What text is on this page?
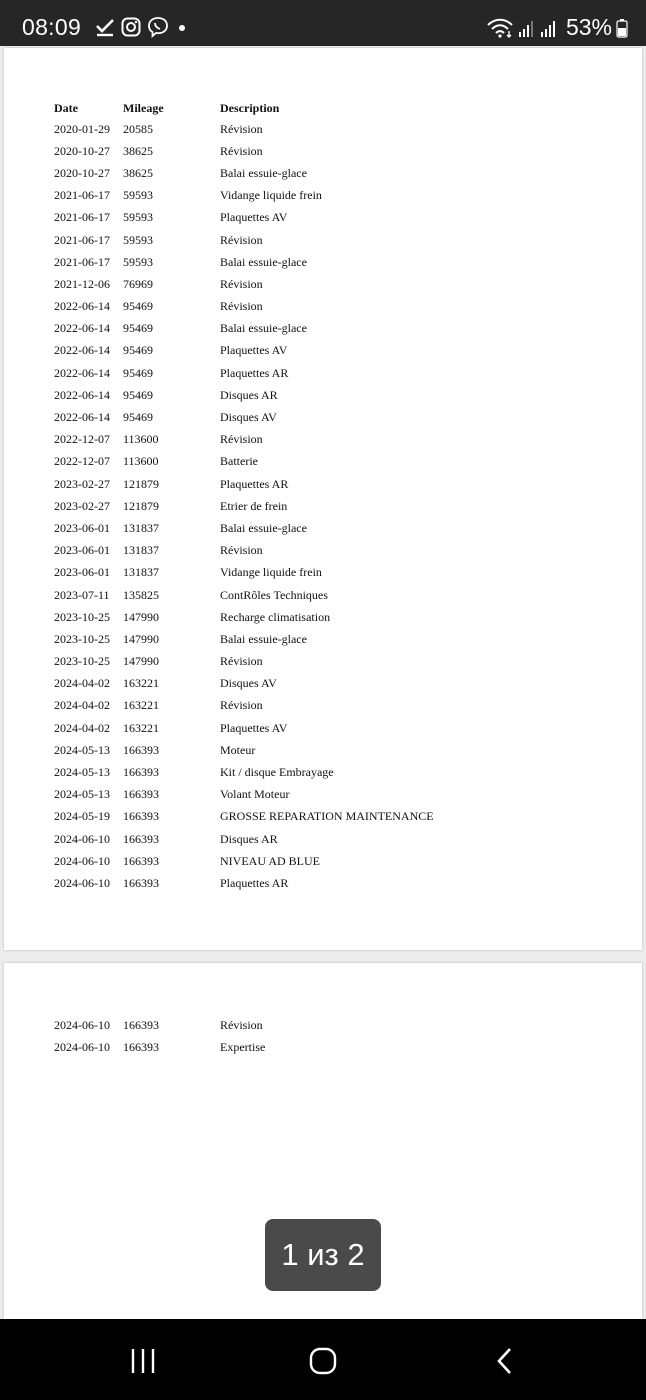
08:09	53%
Date	Mileage	Description
2020-01-29	20585	Révision
2020-10-27	38625	Révision
2020-10-27	38625	Balai essuie-glace
2021-06-17	59593	Vidange liquide frein
2021-06-17	59593	Plaquettes AV
2021-06-17	59593	Révision
2021-06-17	59593	Balai essuie-glace
2021-12-06	76969	Révision
2022-06-14	95469	Révision
2022-06-14	95469	Balai essuie-glace
2022-06-14	95469	Plaquettes AV
2022-06-14	95469	Plaquettes AR
2022-06-14	95469	Disques AR
2022-06-14	95469	Disques AV
2022-12-07	113600	Révision
2022-12-07	113600	Batterie
2023-02-27	121879	Plaquettes AR
2023-02-27	121879	Etrier de frein
2023-06-01	131837	Balai essuie-glace
2023-06-01	131837	Révision
2023-06-01	131837	Vidange liquide frein
2023-07-11	135825	ContRôles Techniques
2023-10-25	147990	Recharge climatisation
2023-10-25	147990	Balai essuie-glace
2023-10-25	147990	Révision
2024-04-02	163221	Disques AV
2024-04-02	163221	Révision
2024-04-02	163221	Plaquettes AV
2024-05-13	166393	Moteur
2024-05-13	166393	Kit / disque Embrayage
2024-05-13	166393	Volant Moteur
2024-05-19	166393	GROSSE REPARATION MAINTENANCE
2024-06-10	166393	Disques AR
2024-06-10	166393	NIVEAU AD BLUE
2024-06-10	166393	Plaquettes AR
2024-06-10	166393	Révision
2024-06-10	166393	Expertise
1 из 2
